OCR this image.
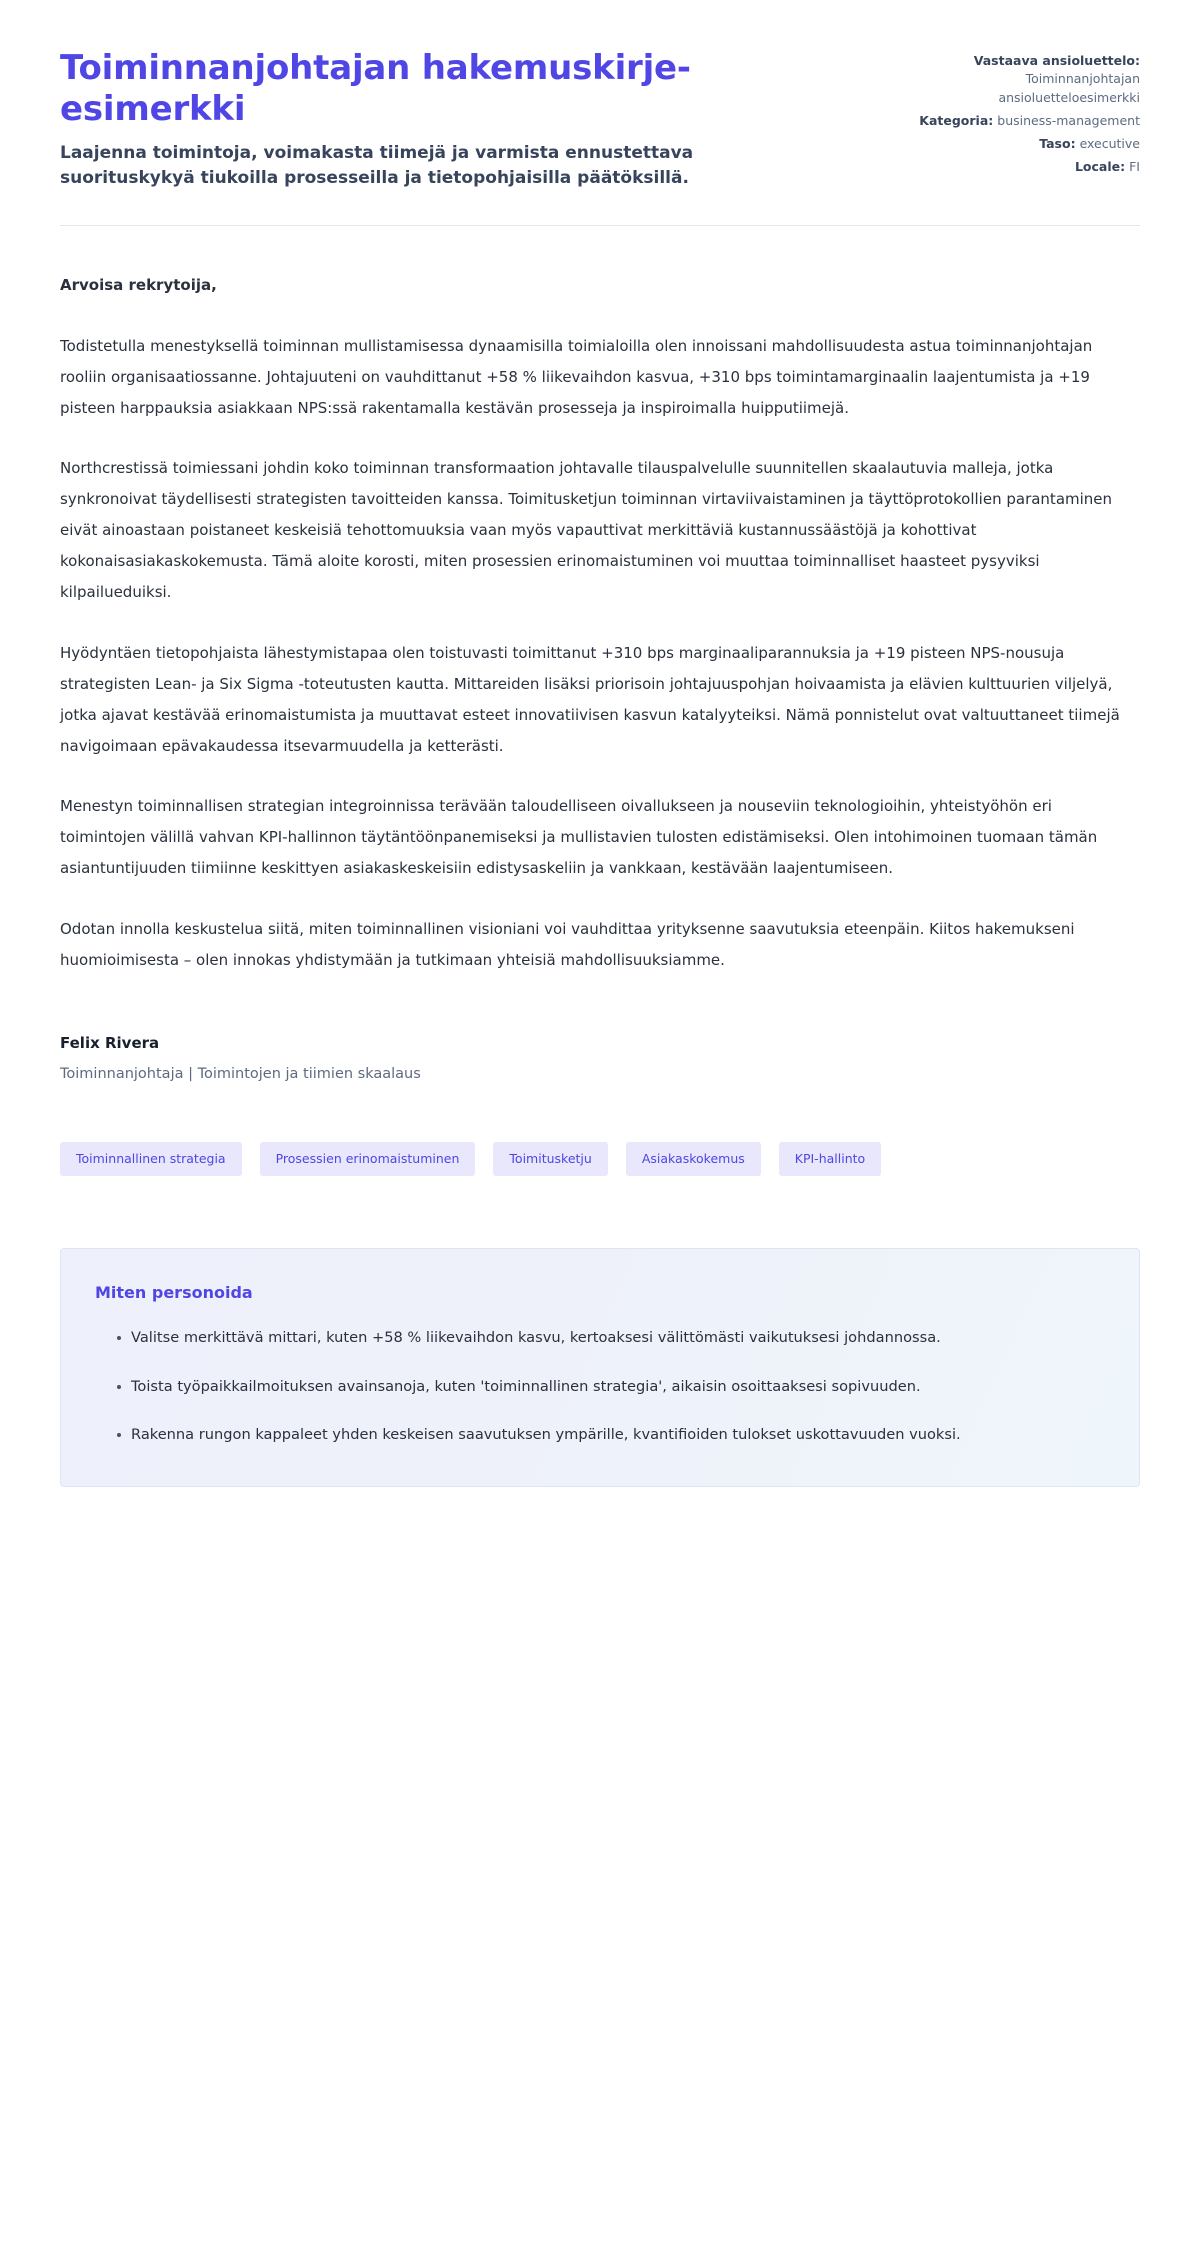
Toiminnanjohtajan hakemuskirje-esimerkki

Laajenna toimintoja, voimakasta tiimejä ja varmista ennustettava suorituskykyä tiukoilla prosesseilla ja tietopohjaisilla päätöksillä.

Vastaava ansioluettelo:
Toiminnanjohtajan ansioluetteloesimerkki
Kategoria: business-management
Taso: executive
Locale: FI

Arvoisa rekrytoija,

Todistetulla menestyksellä toiminnan mullistamisessa dynaamisilla toimialoilla olen innoissani mahdollisuudesta astua toiminnanjohtajan rooliin organisaatiossanne. Johtajuuteni on vauhdittanut +58 % liikevaihdon kasvua, +310 bps toimintamarginaalin laajentumista ja +19 pisteen harppauksia asiakkaan NPS:ssä rakentamalla kestävän prosesseja ja inspiroimalla huipputiimejä.

Northcrestissä toimiessani johdin koko toiminnan transformaation johtavalle tilauspalvelulle suunnitellen skaalautuvia malleja, jotka synkronoivat täydellisesti strategisten tavoitteiden kanssa. Toimitusketjun toiminnan virtaviivaistaminen ja täyttöprotokollien parantaminen eivät ainoastaan poistaneet keskeisiä tehottomuuksia vaan myös vapauttivat merkittäviä kustannussäästöjä ja kohottivat kokonaisasiakaskokemusta. Tämä aloite korosti, miten prosessien erinomaistuminen voi muuttaa toiminnalliset haasteet pysyviksi kilpailueduiksi.

Hyödyntäen tietopohjaista lähestymistapaa olen toistuvasti toimittanut +310 bps marginaaliparannuksia ja +19 pisteen NPS-nousuja strategisten Lean- ja Six Sigma -toteutusten kautta. Mittareiden lisäksi priorisoin johtajuuspohjan hoivaamista ja elävien kulttuurien viljelyä, jotka ajavat kestävää erinomaistumista ja muuttavat esteet innovatiivisen kasvun katalyyteiksi. Nämä ponnistelut ovat valtuuttaneet tiimejä navigoimaan epävakaudessa itsevarmuudella ja ketterästi.

Menestyn toiminnallisen strategian integroinnissa terävään taloudelliseen oivallukseen ja nouseviin teknologioihin, yhteistyöhön eri toimintojen välillä vahvan KPI-hallinnon täytäntöönpanemiseksi ja mullistavien tulosten edistämiseksi. Olen intohimoinen tuomaan tämän asiantuntijuuden tiimiinne keskittyen asiakaskeskeisiin edistysaskeliin ja vankkaan, kestävään laajentumiseen.

Odotan innolla keskustelua siitä, miten toiminnallinen visioniani voi vauhdittaa yrityksenne saavutuksia eteenpäin. Kiitos hakemukseni huomioimisesta – olen innokas yhdistymään ja tutkimaan yhteisiä mahdollisuuksiamme.

Felix Rivera

Toiminnanjohtaja | Toimintojen ja tiimien skaalaus

Toiminnallinen strategia	Prosessien erinomaistuminen	Toimitusketju	Asiakaskokemus	KPI-hallinto
Miten personoida
Valitse merkittävä mittari, kuten +58 % liikevaihdon kasvu, kertoaksesi välittömästi vaikutuksesi johdannossa.
Toista työpaikkailmoituksen avainsanoja, kuten 'toiminnallinen strategia', aikaisin osoittaaksesi sopivuuden.
Rakenna rungon kappaleet yhden keskeisen saavutuksen ympärille, kvantifioiden tulokset uskottavuuden vuoksi.
